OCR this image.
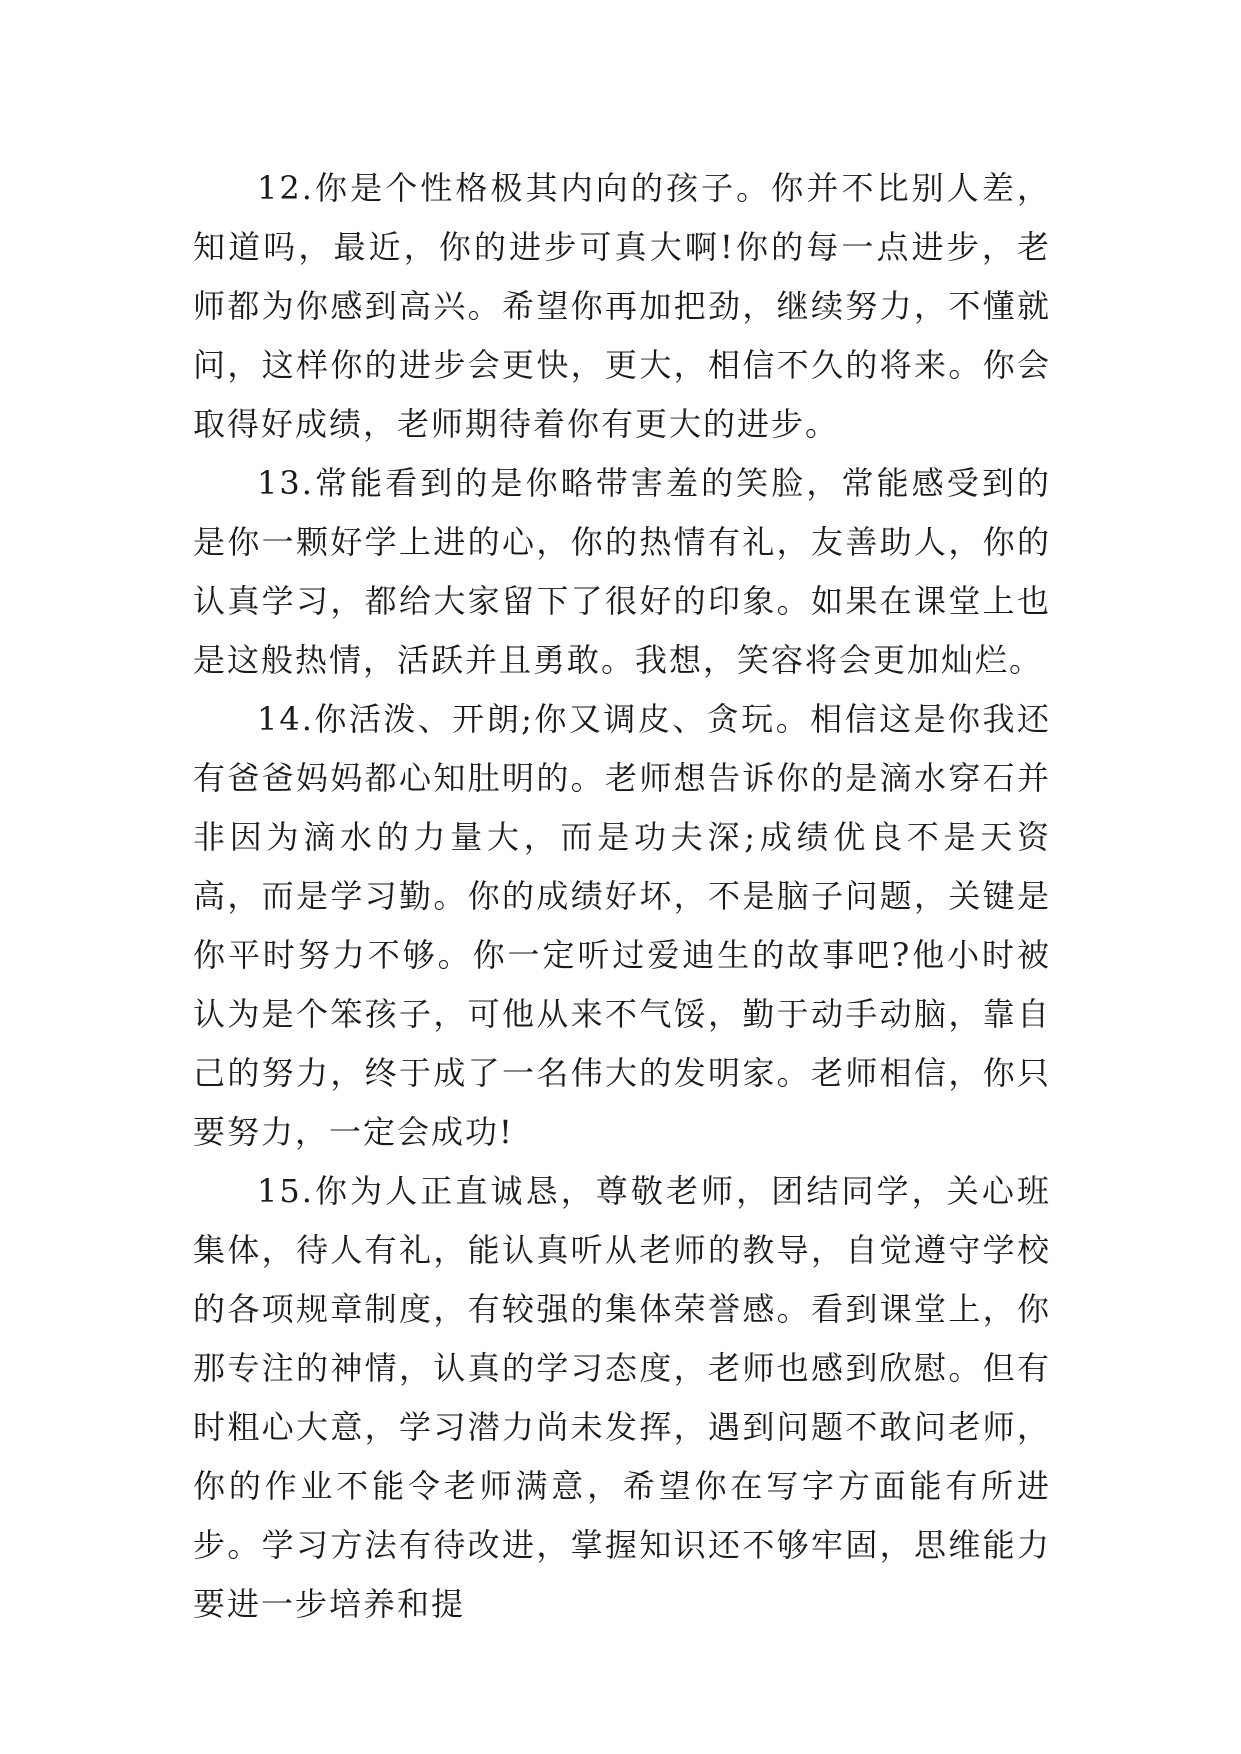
12.你是个性格极其内向的孩子。你并不比别人差，知道吗，最近，你的进步可真大啊!你的每一点进步，老师都为你感到高兴。希望你再加把劲，继续努力，不懂就问，这样你的进步会更快，更大，相信不久的将来。你会取得好成绩，老师期待着你有更大的进步。

13.常能看到的是你略带害羞的笑脸，常能感受到的是你一颗好学上进的心，你的热情有礼，友善助人，你的认真学习，都给大家留下了很好的印象。如果在课堂上也是这般热情，活跃并且勇敢。我想，笑容将会更加灿烂。

14.你活泼、开朗;你又调皮、贪玩。相信这是你我还有爸爸妈妈都心知肚明的。老师想告诉你的是滴水穿石并非因为滴水的力量大，而是功夫深;成绩优良不是天资高，而是学习勤。你的成绩好坏，不是脑子问题，关键是你平时努力不够。你一定听过爱迪生的故事吧?他小时被认为是个笨孩子，可他从来不气馁，勤于动手动脑，靠自己的努力，终于成了一名伟大的发明家。老师相信，你只要努力，一定会成功!

15.你为人正直诚恳，尊敬老师，团结同学，关心班集体，待人有礼，能认真听从老师的教导，自觉遵守学校的各项规章制度，有较强的集体荣誉感。看到课堂上，你那专注的神情，认真的学习态度，老师也感到欣慰。但有时粗心大意，学习潜力尚未发挥，遇到问题不敢问老师，你的作业不能令老师满意，希望你在写字方面能有所进步。学习方法有待改进，掌握知识还不够牢固，思维能力要进一步培养和提
